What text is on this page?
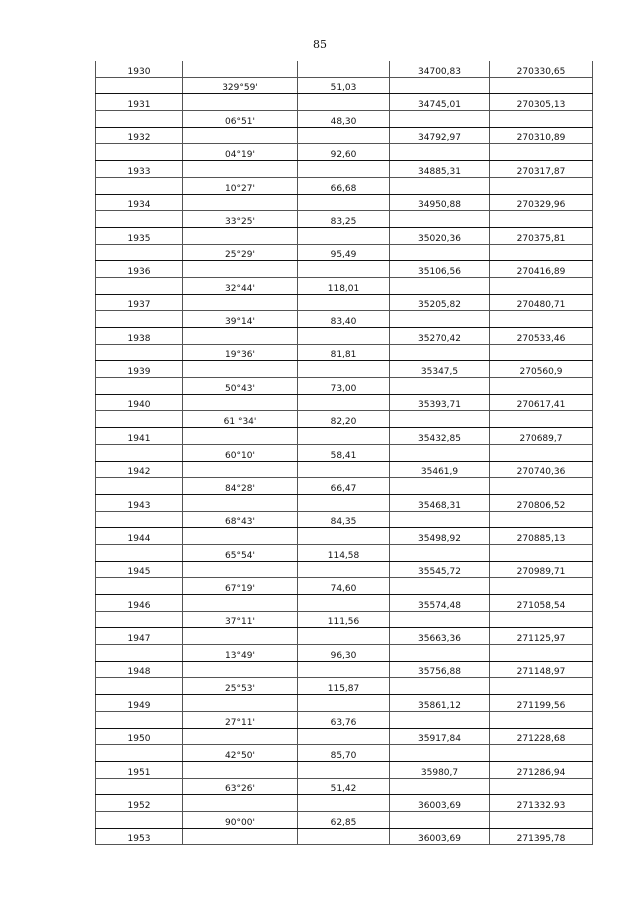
85
1930			34700,83	270330,65
	329°59'	51,03		
1931			34745,01	270305,13
	06°51'	48,30		
1932			34792,97	270310,89
	04°19'	92,60		
1933			34885,31	270317,87
	10°27'	66,68		
1934			34950,88	270329,96
	33°25'	83,25		
1935			35020,36	270375,81
	25°29'	95,49		
1936			35106,56	270416,89
	32°44'	118,01		
1937			35205,82	270480,71
	39°14'	83,40		
1938			35270,42	270533,46
	19°36'	81,81		
1939			35347,5	270560,9
	50°43'	73,00		
1940			35393,71	270617,41
	61 °34'	82,20		
1941			35432,85	270689,7
	60°10'	58,41		
1942			35461,9	270740,36
	84°28'	66,47		
1943			35468,31	270806,52
	68°43'	84,35		
1944			35498,92	270885,13
	65°54'	114,58		
1945			35545,72	270989,71
	67°19'	74,60		
1946			35574,48	271058,54
	37°11'	111,56		
1947			35663,36	271125,97
	13°49'	96,30		
1948			35756,88	271148,97
	25°53'	115,87		
1949			35861,12	271199,56
	27°11'	63,76		
1950			35917,84	271228,68
	42°50'	85,70		
1951			35980,7	271286,94
	63°26'	51,42		
1952			36003,69	271332.93
	90°00'	62,85		
1953			36003,69	271395,78
